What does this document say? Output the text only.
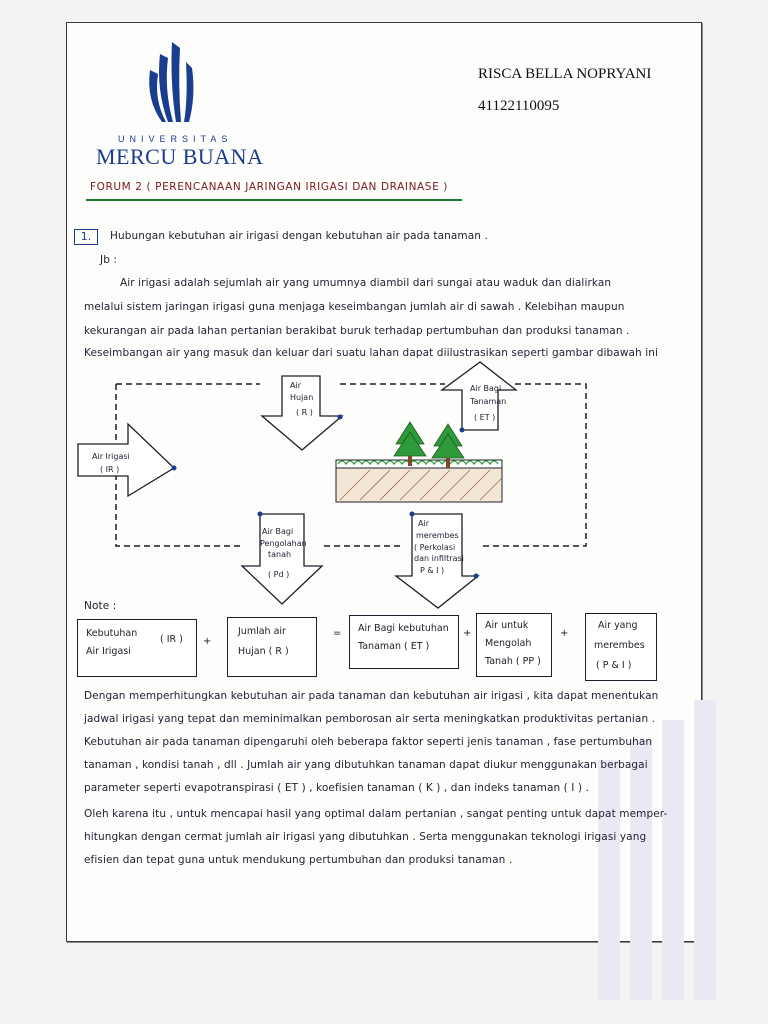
UNIVERSITAS
MERCU BUANA
RISCA BELLA NOPRYANI
41122110095
FORUM 2 ( PERENCANAAN JARINGAN IRIGASI DAN DRAINASE )
1.	Hubungan kebutuhan air irigasi dengan kebutuhan air pada tanaman .
Jb :
Air irigasi adalah sejumlah air yang umumnya diambil dari sungai atau waduk dan dialirkan
melalui sistem jaringan irigasi guna menjaga keseimbangan jumlah air di sawah . Kelebihan maupun
kekurangan air pada lahan pertanian berakibat buruk terhadap pertumbuhan dan produksi tanaman .
Keseimbangan air yang masuk dan keluar dari suatu lahan dapat diilustrasikan seperti gambar dibawah ini
Air Irigasi
( IR )
Air
Hujan
( R )
Air Bagi
Tanaman
( ET )
Air Bagi
Pengolahan
tanah
( Pd )
Air
merembes
( Perkolasi
dan infiltrasi
P & I )
Note :
Kebutuhan
Air Irigasi
( IR ) +
Jumlah air
Hujan ( R )
= Air Bagi kebutuhan
Tanaman ( ET )
+
Air untuk
Mengolah
Tanah ( PP )
+
Air yang
merembes
( P & I )
Dengan memperhitungkan kebutuhan air pada tanaman dan kebutuhan air irigasi , kita dapat menentukan
jadwal irigasi yang tepat dan meminimalkan pemborosan air serta meningkatkan produktivitas pertanian .
Kebutuhan air pada tanaman dipengaruhi oleh beberapa faktor seperti jenis tanaman , fase pertumbuhan
tanaman , kondisi tanah , dll . Jumlah air yang dibutuhkan tanaman dapat diukur menggunakan berbagai
parameter seperti evapotranspirasi ( ET ) , koefisien tanaman ( K ) , dan indeks tanaman ( I ) .
Oleh karena itu , untuk mencapai hasil yang optimal dalam pertanian , sangat penting untuk dapat memper-
hitungkan dengan cermat jumlah air irigasi yang dibutuhkan . Serta menggunakan teknologi irigasi yang
efisien dan tepat guna untuk mendukung pertumbuhan dan produksi tanaman .
